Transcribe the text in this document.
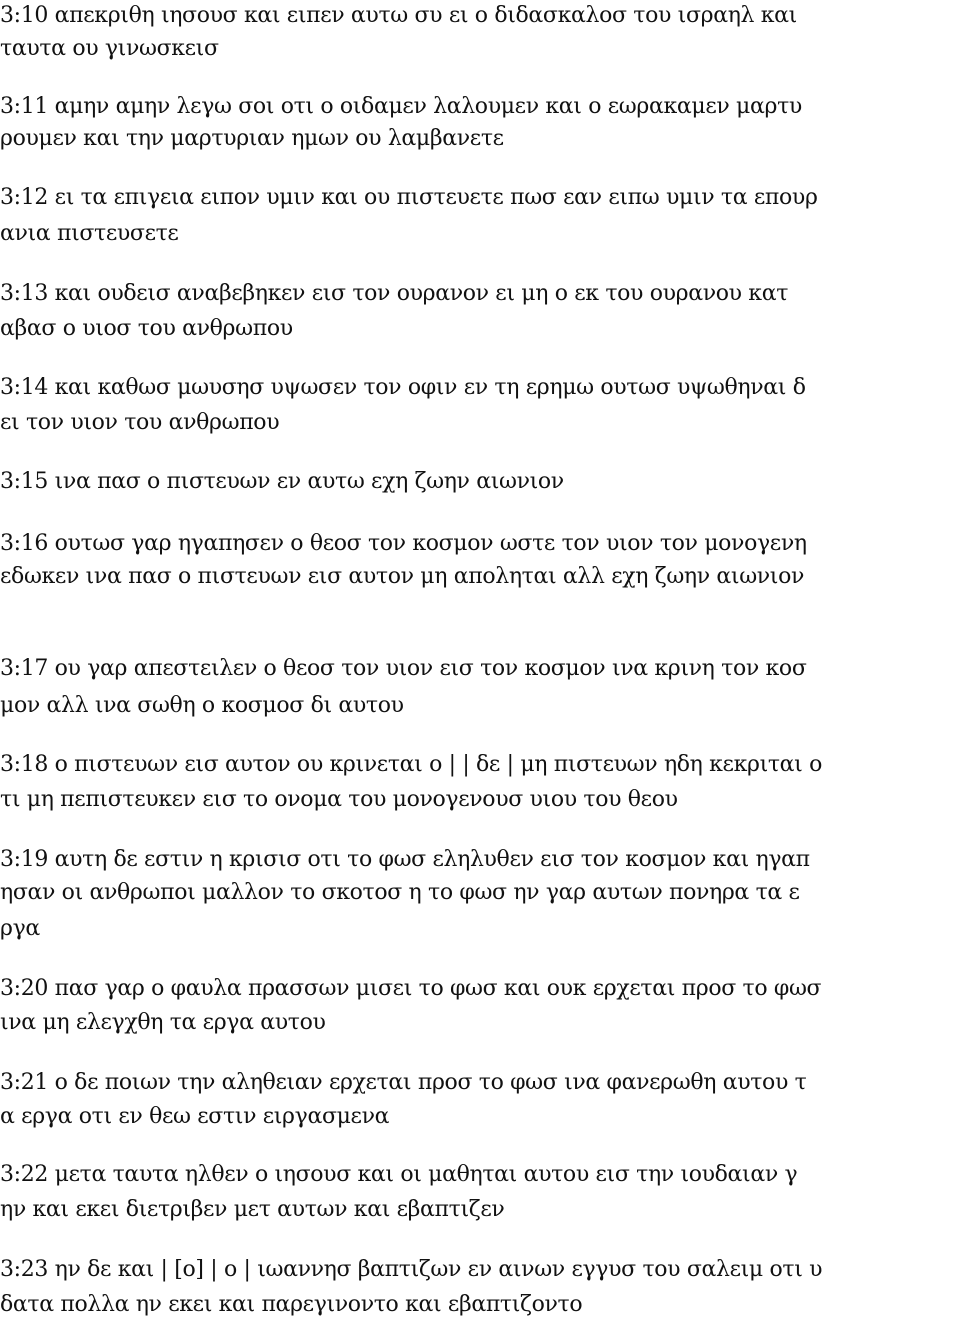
3:10 απεκριθη ιησουσ και ειπεν αυτω συ ει ο διδασκαλοσ του ισραηλ και
ταυτα ου γινωσκεισ
3:11 αμην αμην λεγω σοι οτι ο οιδαμεν λαλουμεν και ο εωρακαμεν μαρτυ
ρουμεν και την μαρτυριαν ημων ου λαμβανετε
3:12 ει τα επιγεια ειπον υμιν και ου πιστευετε πωσ εαν ειπω υμιν τα επουρ
ανια πιστευσετε
3:13 και ουδεισ αναβεβηκεν εισ τον ουρανον ει μη ο εκ του ουρανου κατ
αβασ ο υιοσ του ανθρωπου
3:14 και καθωσ μωυσησ υψωσεν τον οφιν εν τη ερημω ουτωσ υψωθηναι δ
ει τον υιον του ανθρωπου
3:15 ινα πασ ο πιστευων εν αυτω εχη ζωην αιωνιον
3:16 ουτωσ γαρ ηγαπησεν ο θεοσ τον κοσμον ωστε τον υιον τον μονογενη
εδωκεν ινα πασ ο πιστευων εισ αυτον μη αποληται αλλ εχη ζωην αιωνιον
3:17 ου γαρ απεστειλεν ο θεοσ τον υιον εισ τον κοσμον ινα κρινη τον κοσ
μον αλλ ινα σωθη ο κοσμοσ δι αυτου
3:18 ο πιστευων εισ αυτον ου κρινεται ο | | δε | μη πιστευων ηδη κεκριται ο
τι μη πεπιστευκεν εισ το ονομα του μονογενουσ υιου του θεου
3:19 αυτη δε εστιν η κρισισ οτι το φωσ εληλυθεν εισ τον κοσμον και ηγαπ
ησαν οι ανθρωποι μαλλον το σκοτοσ η το φωσ ην γαρ αυτων πονηρα τα ε
ργα
3:20 πασ γαρ ο φαυλα πρασσων μισει το φωσ και ουκ ερχεται προσ το φωσ
ινα μη ελεγχθη τα εργα αυτου
3:21 ο δε ποιων την αληθειαν ερχεται προσ το φωσ ινα φανερωθη αυτου τ
α εργα οτι εν θεω εστιν ειργασμενα
3:22 μετα ταυτα ηλθεν ο ιησουσ και οι μαθηται αυτου εισ την ιουδαιαν γ
ην και εκει διετριβεν μετ αυτων και εβαπτιζεν
3:23 ην δε και | [ο] | ο | ιωαννησ βαπτιζων εν αινων εγγυσ του σαλειμ οτι υ
δατα πολλα ην εκει και παρεγινοντο και εβαπτιζοντο
